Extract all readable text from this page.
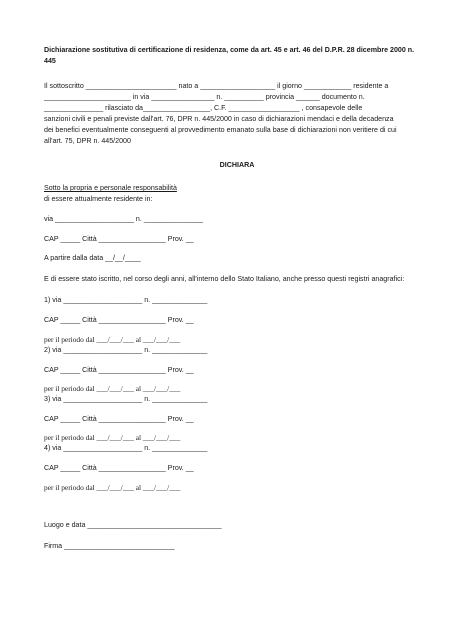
Dichiarazione sostitutiva di certificazione di residenza, come da art. 45 e art. 46 del D.P.R. 28 dicembre 2000 n.
445
Il sottoscritto _______________________ nato a ___________________ il giorno ____________ residente a
______________________ in via ________________ n. __________ provincia ______ documento n.
_______________ rilasciato da_________________, C.F. __________________ , consapevole delle
sanzioni civili e penali previste dall'art. 76, DPR n. 445/2000 in caso di dichiarazioni mendaci e della decadenza
dei benefici eventualmente conseguenti al provvedimento emanato sulla base di dichiarazioni non veritiere di cui
all'art. 75, DPR n. 445/2000
DICHIARA
Sotto la propria e personale responsabilità
di essere attualmente residente in:
via ____________________ n. _______________
CAP _____ Città _________________ Prov. __
A partire dalla data __/__/____
E di essere stato iscritto, nel corso degli anni, all'interno dello Stato Italiano, anche presso questi registri anagrafici:
1) via ____________________ n. ______________
CAP _____ Città _________________ Prov. __
per il periodo dal ___/___/___ al ___/___/___
2) via ____________________ n. ______________
CAP _____ Città _________________ Prov. __
per il periodo dal ___/___/___ al ___/___/___
3) via ____________________ n. ______________
CAP _____ Città _________________ Prov. __
per il periodo dal ___/___/___ al ___/___/___
4) via ____________________ n. ______________
CAP _____ Città _________________ Prov. __
per il periodo dal ___/___/___ al ___/___/___
Luogo e data __________________________________
Firma ____________________________
